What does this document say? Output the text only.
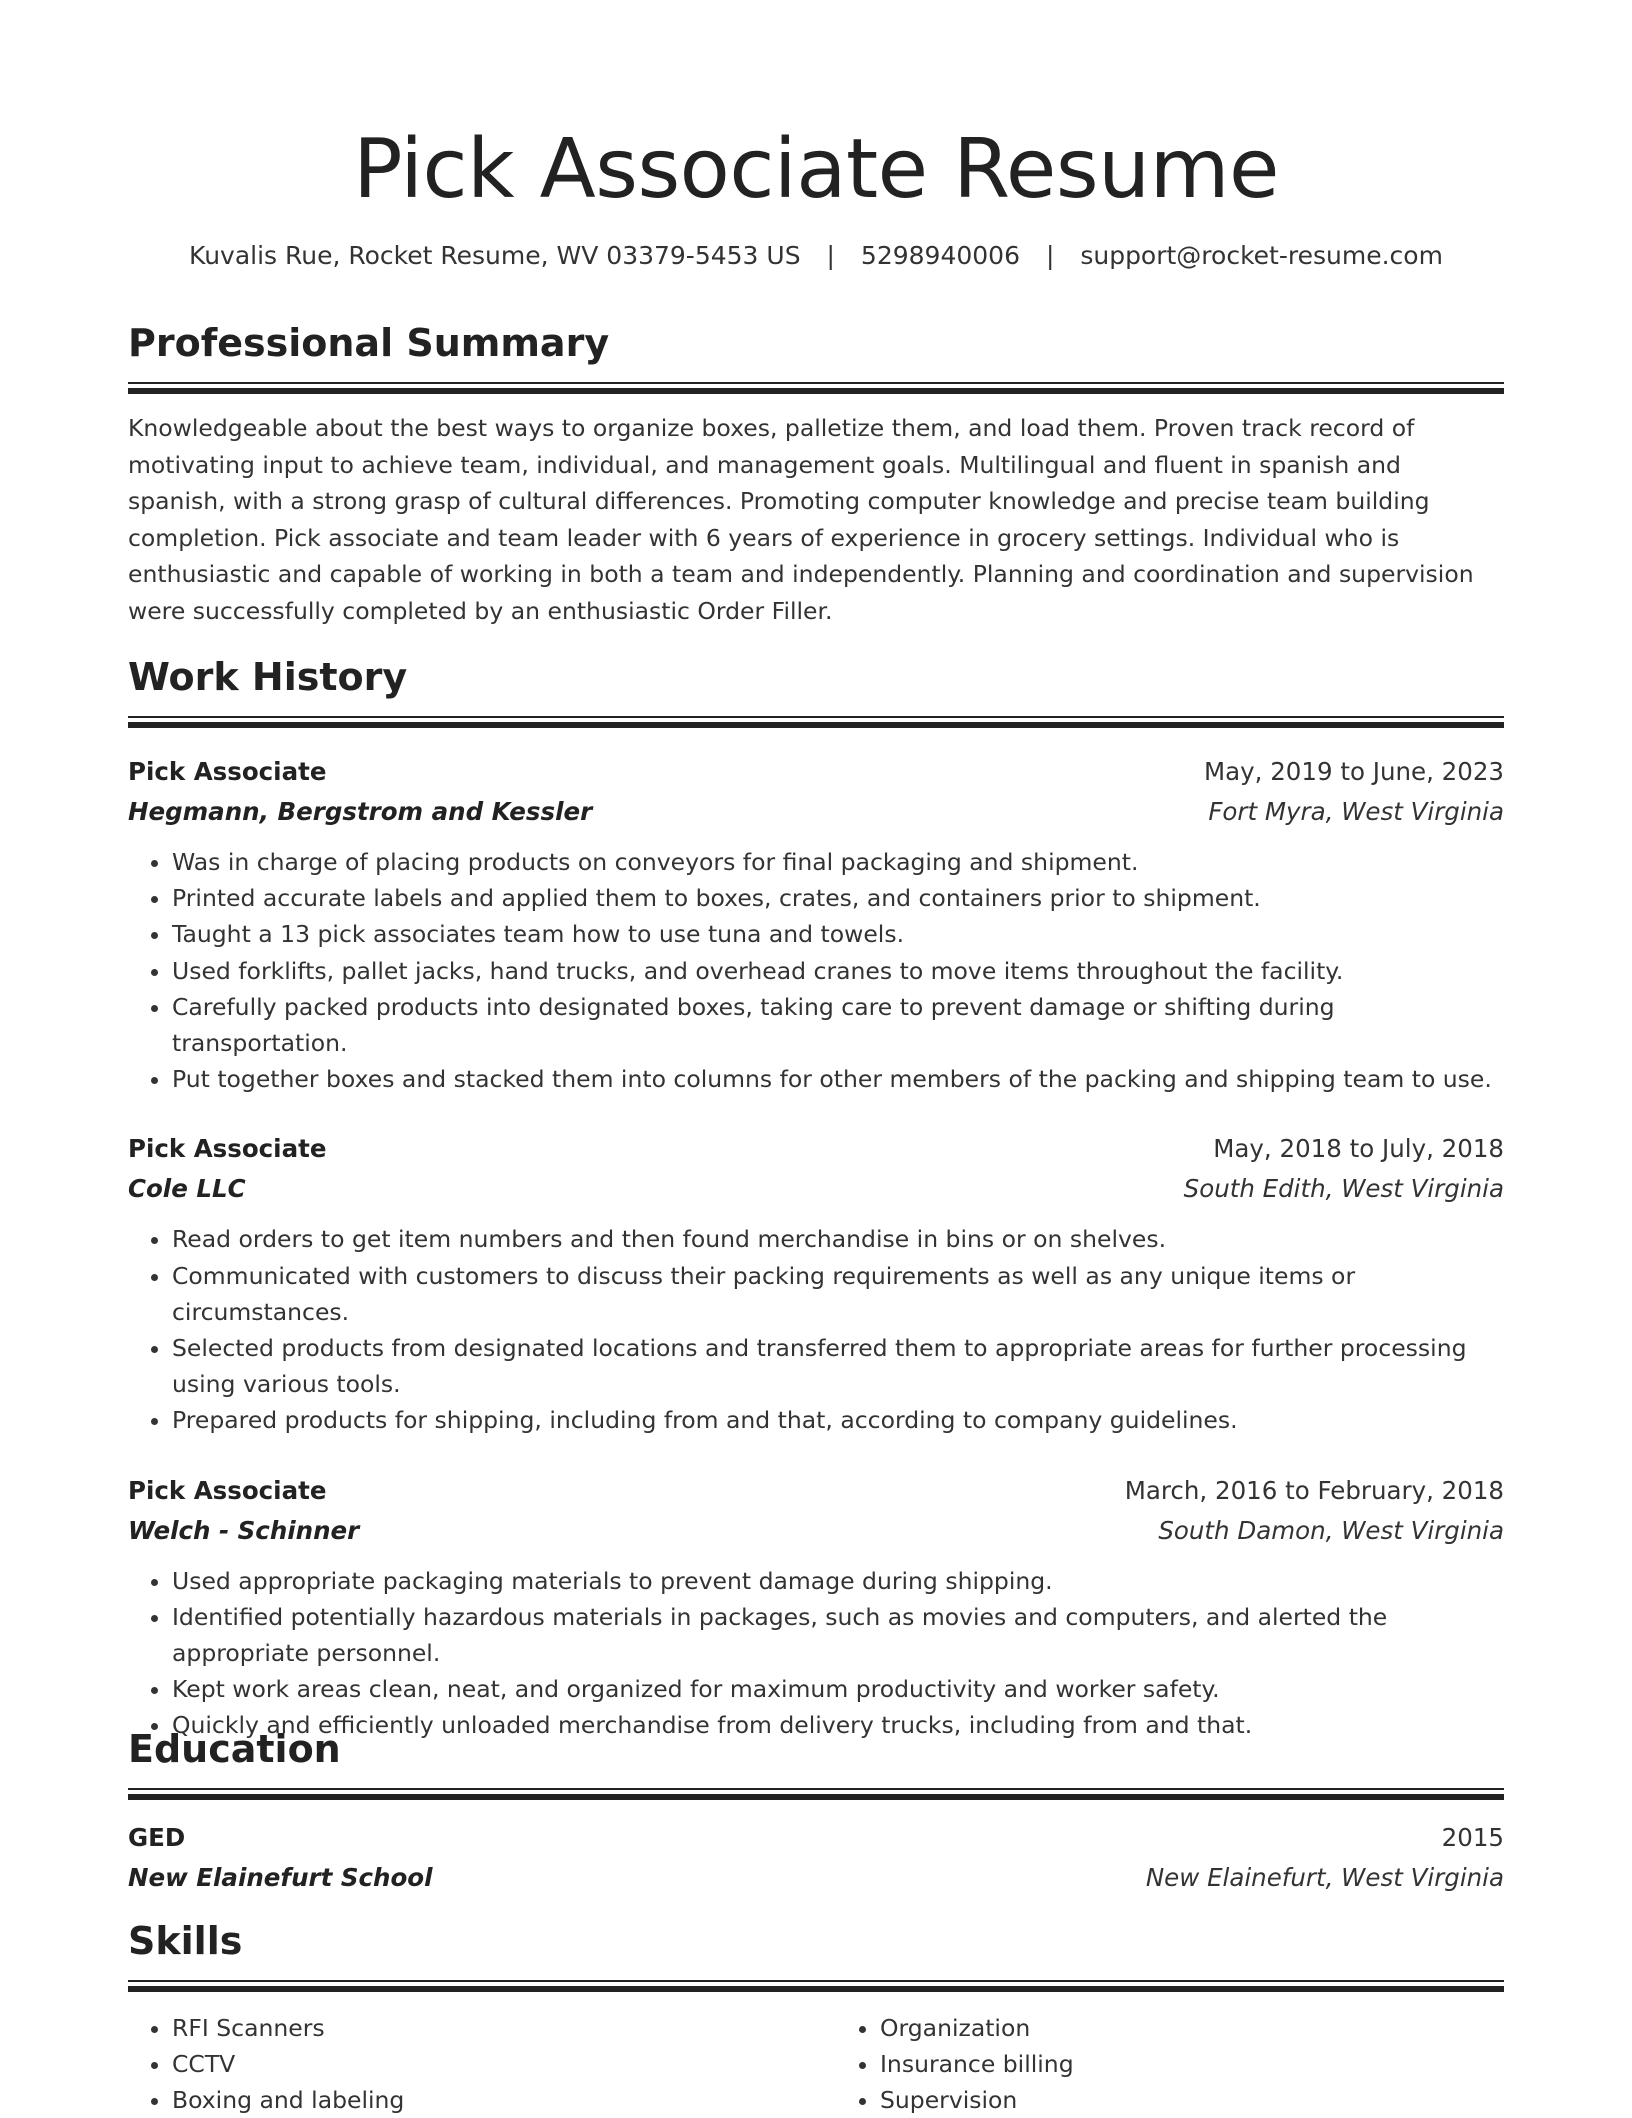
Pick Associate Resume
Kuvalis Rue, Rocket Resume, WV 03379-5453 US | 5298940006 | support@rocket-resume.com
Professional Summary

Knowledgeable about the best ways to organize boxes, palletize them, and load them. Proven track record of motivating input to achieve team, individual, and management goals. Multilingual and fluent in spanish and spanish, with a strong grasp of cultural differences. Promoting computer knowledge and precise team building completion. Pick associate and team leader with 6 years of experience in grocery settings. Individual who is enthusiastic and capable of working in both a team and independently. Planning and coordination and supervision were successfully completed by an enthusiastic Order Filler.

Work History
Pick Associate	May, 2019 to June, 2023
Hegmann, Bergstrom and Kessler	Fort Myra, West Virginia
• Was in charge of placing products on conveyors for final packaging and shipment.
• Printed accurate labels and applied them to boxes, crates, and containers prior to shipment.
• Taught a 13 pick associates team how to use tuna and towels.
• Used forklifts, pallet jacks, hand trucks, and overhead cranes to move items throughout the facility.
• Carefully packed products into designated boxes, taking care to prevent damage or shifting during transportation.
• Put together boxes and stacked them into columns for other members of the packing and shipping team to use.
Pick Associate	May, 2018 to July, 2018
Cole LLC	South Edith, West Virginia
• Read orders to get item numbers and then found merchandise in bins or on shelves.
• Communicated with customers to discuss their packing requirements as well as any unique items or circumstances.
• Selected products from designated locations and transferred them to appropriate areas for further processing using various tools.
• Prepared products for shipping, including from and that, according to company guidelines.
Pick Associate	March, 2016 to February, 2018
Welch - Schinner	South Damon, West Virginia
• Used appropriate packaging materials to prevent damage during shipping.
• Identified potentially hazardous materials in packages, such as movies and computers, and alerted the appropriate personnel.
• Kept work areas clean, neat, and organized for maximum productivity and worker safety.
• Quickly and efficiently unloaded merchandise from delivery trucks, including from and that.
Education
GED	2015
New Elainefurt School	New Elainefurt, West Virginia
Skills
• RFI Scanners
• CCTV
• Boxing and labeling
• Organization
• Insurance billing
• Supervision
